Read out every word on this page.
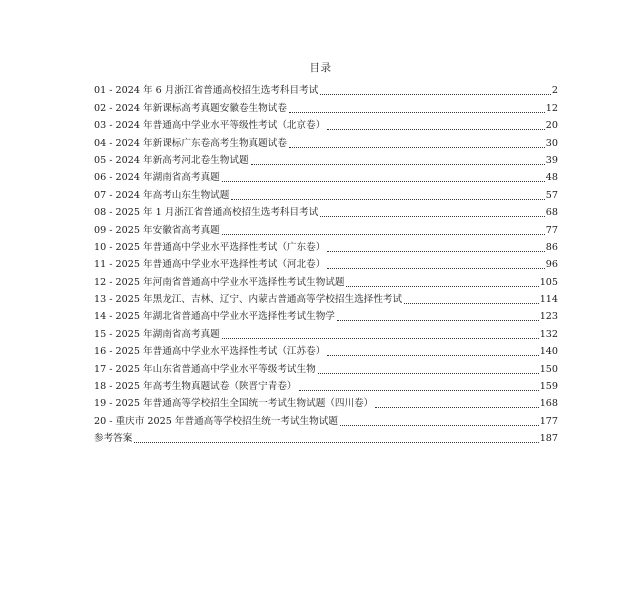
目录
01 - 2024 年 6 月浙江省普通高校招生选考科目考试	2
02 - 2024 年新课标高考真题安徽卷生物试卷	12
03 - 2024 年普通高中学业水平等级性考试（北京卷）	20
04 - 2024 年新课标广东卷高考生物真题试卷	30
05 - 2024 年新高考河北卷生物试题	39
06 - 2024 年湖南省高考真题	48
07 - 2024 年高考山东生物试题	57
08 - 2025 年 1 月浙江省普通高校招生选考科目考试	68
09 - 2025 年安徽省高考真题	77
10 - 2025 年普通高中学业水平选择性考试（广东卷）	86
11 - 2025 年普通高中学业水平选择性考试（河北卷）	96
12 - 2025 年河南省普通高中学业水平选择性考试生物试题	105
13 - 2025 年黑龙江、吉林、辽宁、内蒙古普通高等学校招生选择性考试	114
14 - 2025 年湖北省普通高中学业水平选择性考试生物学	123
15 - 2025 年湖南省高考真题	132
16 - 2025 年普通高中学业水平选择性考试（江苏卷）	140
17 - 2025 年山东省普通高中学业水平等级考试生物	150
18 - 2025 年高考生物真题试卷（陕晋宁青卷）	159
19 - 2025 年普通高等学校招生全国统一考试生物试题（四川卷）	168
20 - 重庆市 2025 年普通高等学校招生统一考试生物试题	177
参考答案	187
